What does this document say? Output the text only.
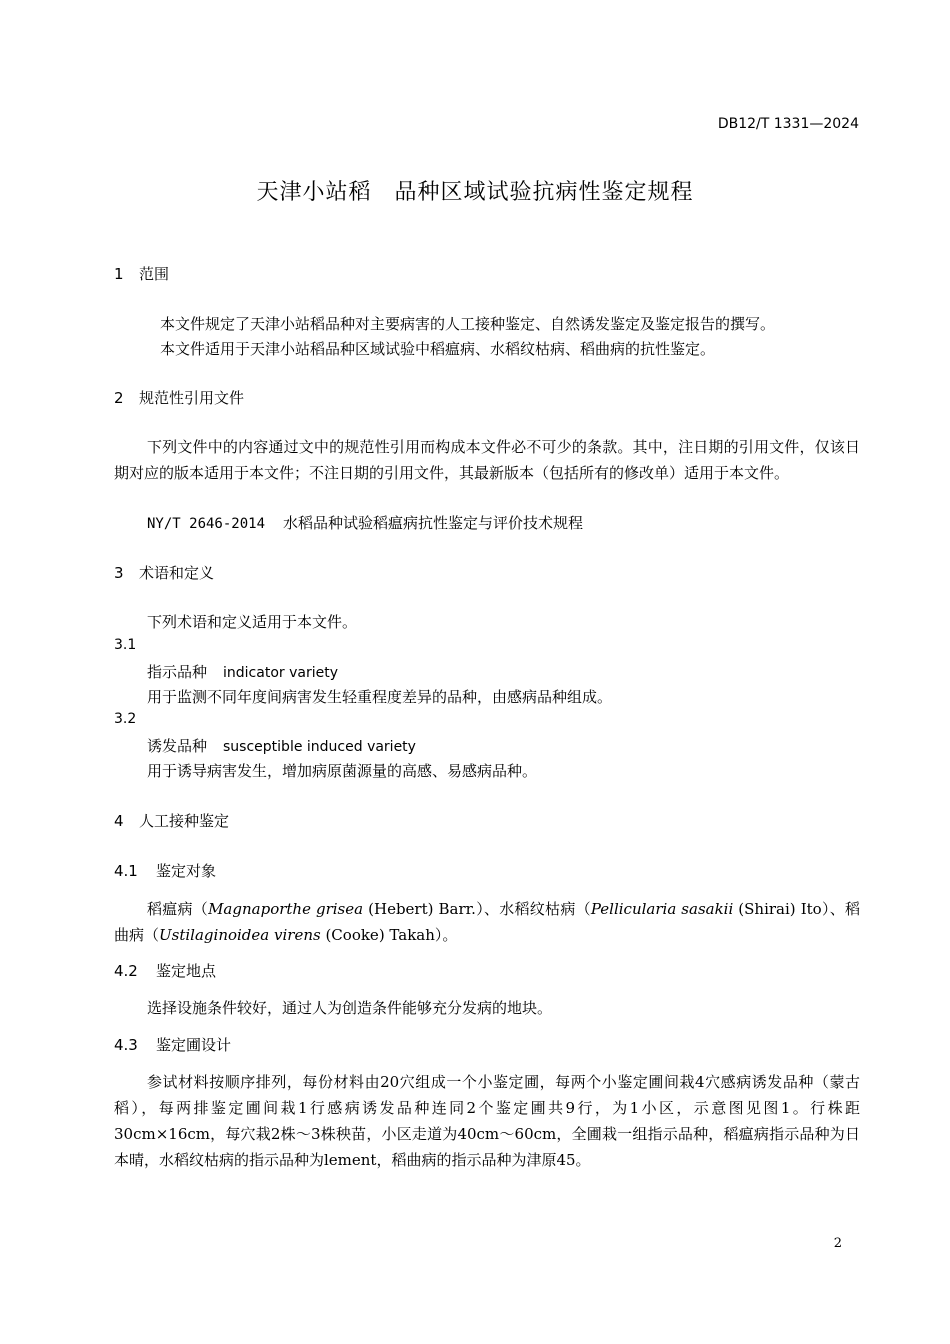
DB12/T 1331—2024
天津小站稻　品种区域试验抗病性鉴定规程
1 范围
本文件规定了天津小站稻品种对主要病害的人工接种鉴定、自然诱发鉴定及鉴定报告的撰写。
本文件适用于天津小站稻品种区域试验中稻瘟病、水稻纹枯病、稻曲病的抗性鉴定。
2 规范性引用文件
下列文件中的内容通过文中的规范性引用而构成本文件必不可少的条款。其中，注日期的引用文件，仅该日期对应的版本适用于本文件；不注日期的引用文件，其最新版本（包括所有的修改单）适用于本文件。
NY/T 2646-2014 水稻品种试验稻瘟病抗性鉴定与评价技术规程
3 术语和定义
下列术语和定义适用于本文件。
3.1
指示品种 indicator variety
用于监测不同年度间病害发生轻重程度差异的品种，由感病品种组成。
3.2
诱发品种 susceptible induced variety
用于诱导病害发生，增加病原菌源量的高感、易感病品种。
4 人工接种鉴定
4.1 鉴定对象
稻瘟病（Magnaporthe grisea (Hebert) Barr.）、水稻纹枯病（Pellicularia sasakii (Shirai) Ito）、稻曲病（Ustilaginoidea virens (Cooke) Takah）。
4.2 鉴定地点
选择设施条件较好，通过人为创造条件能够充分发病的地块。
4.3 鉴定圃设计
参试材料按顺序排列，每份材料由20穴组成一个小鉴定圃，每两个小鉴定圃间栽4穴感病诱发品种（蒙古稻），每两排鉴定圃间栽1行感病诱发品种连同2个鉴定圃共9行，为1小区，示意图见图1。行株距30cm×16cm，每穴栽2株～3株秧苗，小区走道为40cm～60cm，全圃栽一组指示品种，稻瘟病指示品种为日本晴，水稻纹枯病的指示品种为lement，稻曲病的指示品种为津原45。
2
